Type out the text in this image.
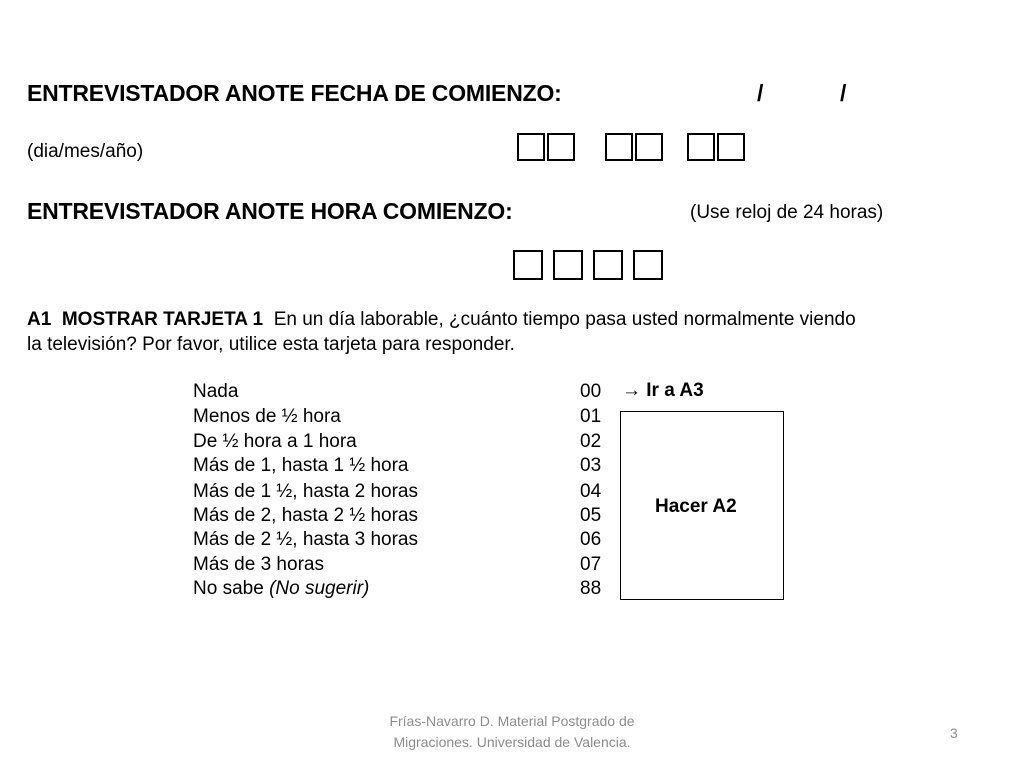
ENTREVISTADOR ANOTE FECHA DE COMIENZO:	/	/
(dia/mes/año)
ENTREVISTADOR ANOTE HORA COMIENZO:	(Use reloj de 24 horas)
A1 MOSTRAR TARJETA 1 En un día laborable, ¿cuánto tiempo pasa usted normalmente viendo
la televisión? Por favor, utilice esta tarjeta para responder.
Nada	00
Menos de ½ hora	01
De ½ hora a 1 hora	02
Más de 1, hasta 1 ½ hora	03
Más de 1 ½, hasta 2 horas	04
Más de 2, hasta 2 ½ horas	05
Más de 2 ½, hasta 3 horas	06
Más de 3 horas	07
No sabe (No sugerir)	88
→ Ir a A3
Hacer A2
Frías-Navarro D. Material Postgrado de
Migraciones. Universidad de Valencia.
3
